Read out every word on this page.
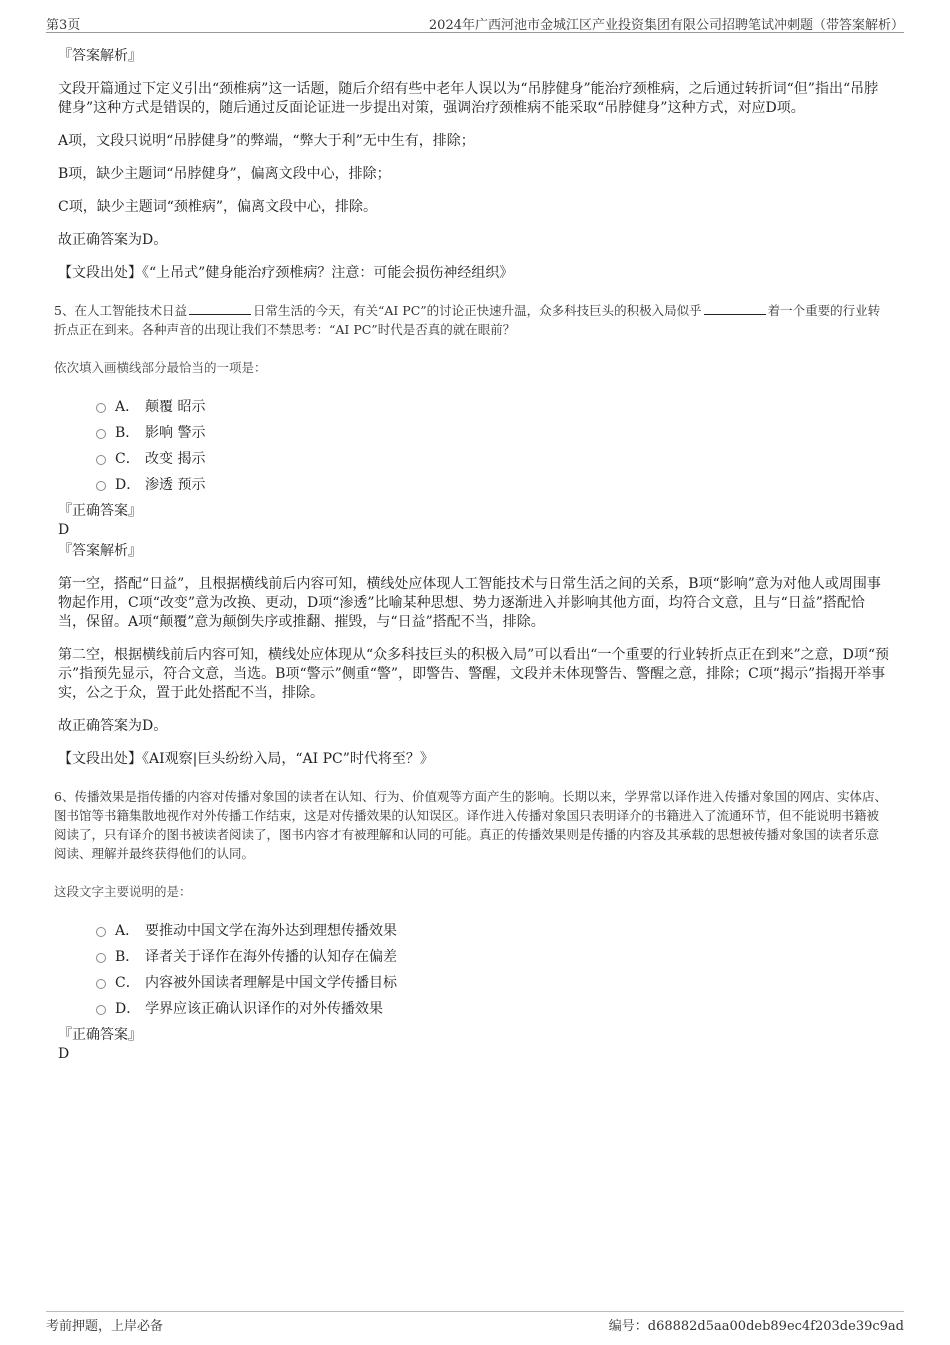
第3页	2024年广西河池市金城江区产业投资集团有限公司招聘笔试冲刺题（带答案解析）
『答案解析』
文段开篇通过下定义引出“颈椎病”这一话题，随后介绍有些中老年人误以为“吊脖健身”能治疗颈椎病，之后通过转折词“但”指出“吊脖健身”这种方式是错误的，随后通过反面论证进一步提出对策，强调治疗颈椎病不能采取“吊脖健身”这种方式，对应D项。
A项，文段只说明“吊脖健身”的弊端，“弊大于利”无中生有，排除；
B项，缺少主题词“吊脖健身”，偏离文段中心，排除；
C项，缺少主题词“颈椎病”，偏离文段中心，排除。
故正确答案为D。
【文段出处】《“上吊式”健身能治疗颈椎病？注意：可能会损伤神经组织》
5、在人工智能技术日益	日常生活的今天，有关“AI PC”的讨论正快速升温，众多科技巨头的积极入局似乎	着一个重要的行业转折点正在到来。各种声音的出现让我们不禁思考：“AI PC”时代是否真的就在眼前？
依次填入画横线部分最恰当的一项是：
A． 颠覆 昭示
B． 影响 警示
C． 改变 揭示
D． 渗透 预示
『正确答案』
D
『答案解析』
第一空，搭配“日益”，且根据横线前后内容可知，横线处应体现人工智能技术与日常生活之间的关系，B项“影响”意为对他人或周围事物起作用，C项“改变”意为改换、更动，D项“渗透”比喻某种思想、势力逐渐进入并影响其他方面，均符合文意，且与“日益”搭配恰当，保留。A项“颠覆”意为颠倒失序或推翻、摧毁，与“日益”搭配不当，排除。
第二空，根据横线前后内容可知，横线处应体现从“众多科技巨头的积极入局”可以看出“一个重要的行业转折点正在到来”之意，D项“预示”指预先显示，符合文意，当选。B项“警示”侧重“警”，即警告、警醒，文段并未体现警告、警醒之意，排除；C项“揭示”指揭开举事实，公之于众，置于此处搭配不当，排除。
故正确答案为D。
【文段出处】《AI观察|巨头纷纷入局，“AI PC”时代将至？》
6、传播效果是指传播的内容对传播对象国的读者在认知、行为、价值观等方面产生的影响。长期以来，学界常以译作进入传播对象国的网店、实体店、图书馆等书籍集散地视作对外传播工作结束，这是对传播效果的认知误区。译作进入传播对象国只表明译介的书籍进入了流通环节，但不能说明书籍被阅读了，只有译介的图书被读者阅读了，图书内容才有被理解和认同的可能。真正的传播效果则是传播的内容及其承载的思想被传播对象国的读者乐意阅读、理解并最终获得他们的认同。
这段文字主要说明的是：
A． 要推动中国文学在海外达到理想传播效果
B． 译者关于译作在海外传播的认知存在偏差
C． 内容被外国读者理解是中国文学传播目标
D． 学界应该正确认识译作的对外传播效果
『正确答案』
D
考前押题，上岸必备	编号：d68882d5aa00deb89ec4f203de39c9ad
